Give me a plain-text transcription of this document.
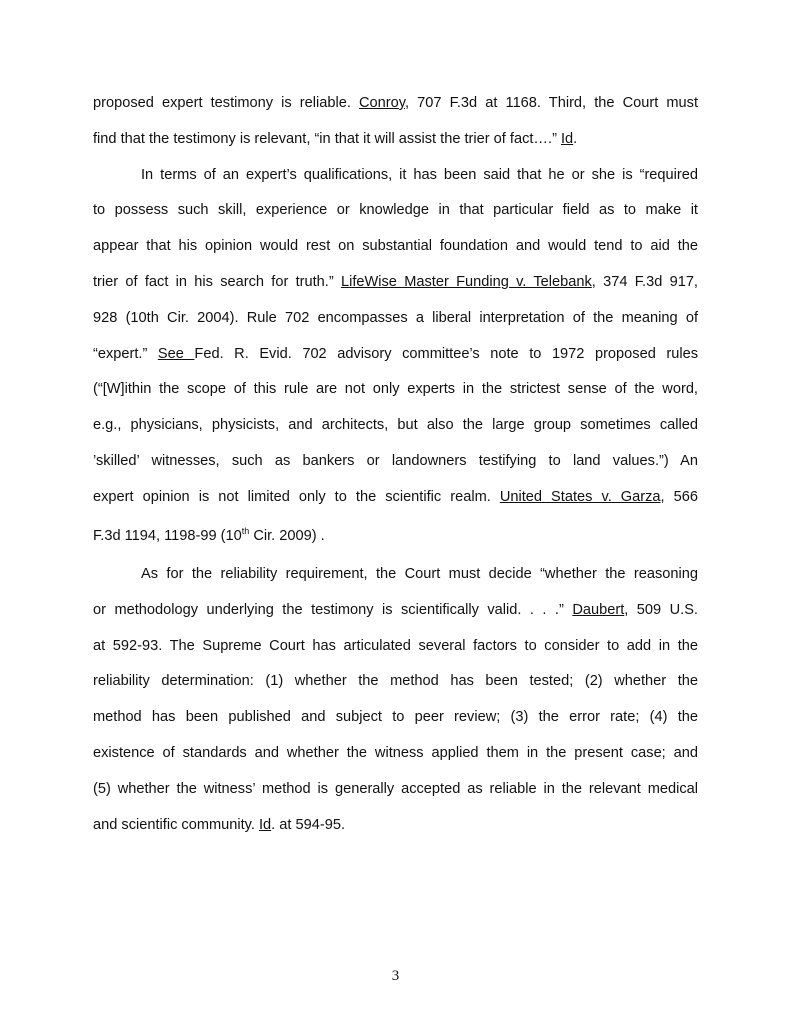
proposed expert testimony is reliable. Conroy, 707 F.3d at 1168. Third, the Court must
find that the testimony is relevant, “in that it will assist the trier of fact….” Id.
In terms of an expert’s qualifications, it has been said that he or she is “required
to possess such skill, experience or knowledge in that particular field as to make it
appear that his opinion would rest on substantial foundation and would tend to aid the
trier of fact in his search for truth.” LifeWise Master Funding v. Telebank, 374 F.3d 917,
928 (10th Cir. 2004). Rule 702 encompasses a liberal interpretation of the meaning of
“expert.” See Fed. R. Evid. 702 advisory committee’s note to 1972 proposed rules
(“[W]ithin the scope of this rule are not only experts in the strictest sense of the word,
e.g., physicians, physicists, and architects, but also the large group sometimes called
’skilled’ witnesses, such as bankers or landowners testifying to land values.”) An
expert opinion is not limited only to the scientific realm. United States v. Garza, 566
F.3d 1194, 1198-99 (10th Cir. 2009) .
As for the reliability requirement, the Court must decide “whether the reasoning
or methodology underlying the testimony is scientifically valid. . . .” Daubert, 509 U.S.
at 592-93. The Supreme Court has articulated several factors to consider to add in the
reliability determination: (1) whether the method has been tested; (2) whether the
method has been published and subject to peer review; (3) the error rate; (4) the
existence of standards and whether the witness applied them in the present case; and
(5) whether the witness’ method is generally accepted as reliable in the relevant medical
and scientific community. Id. at 594-95.
3
